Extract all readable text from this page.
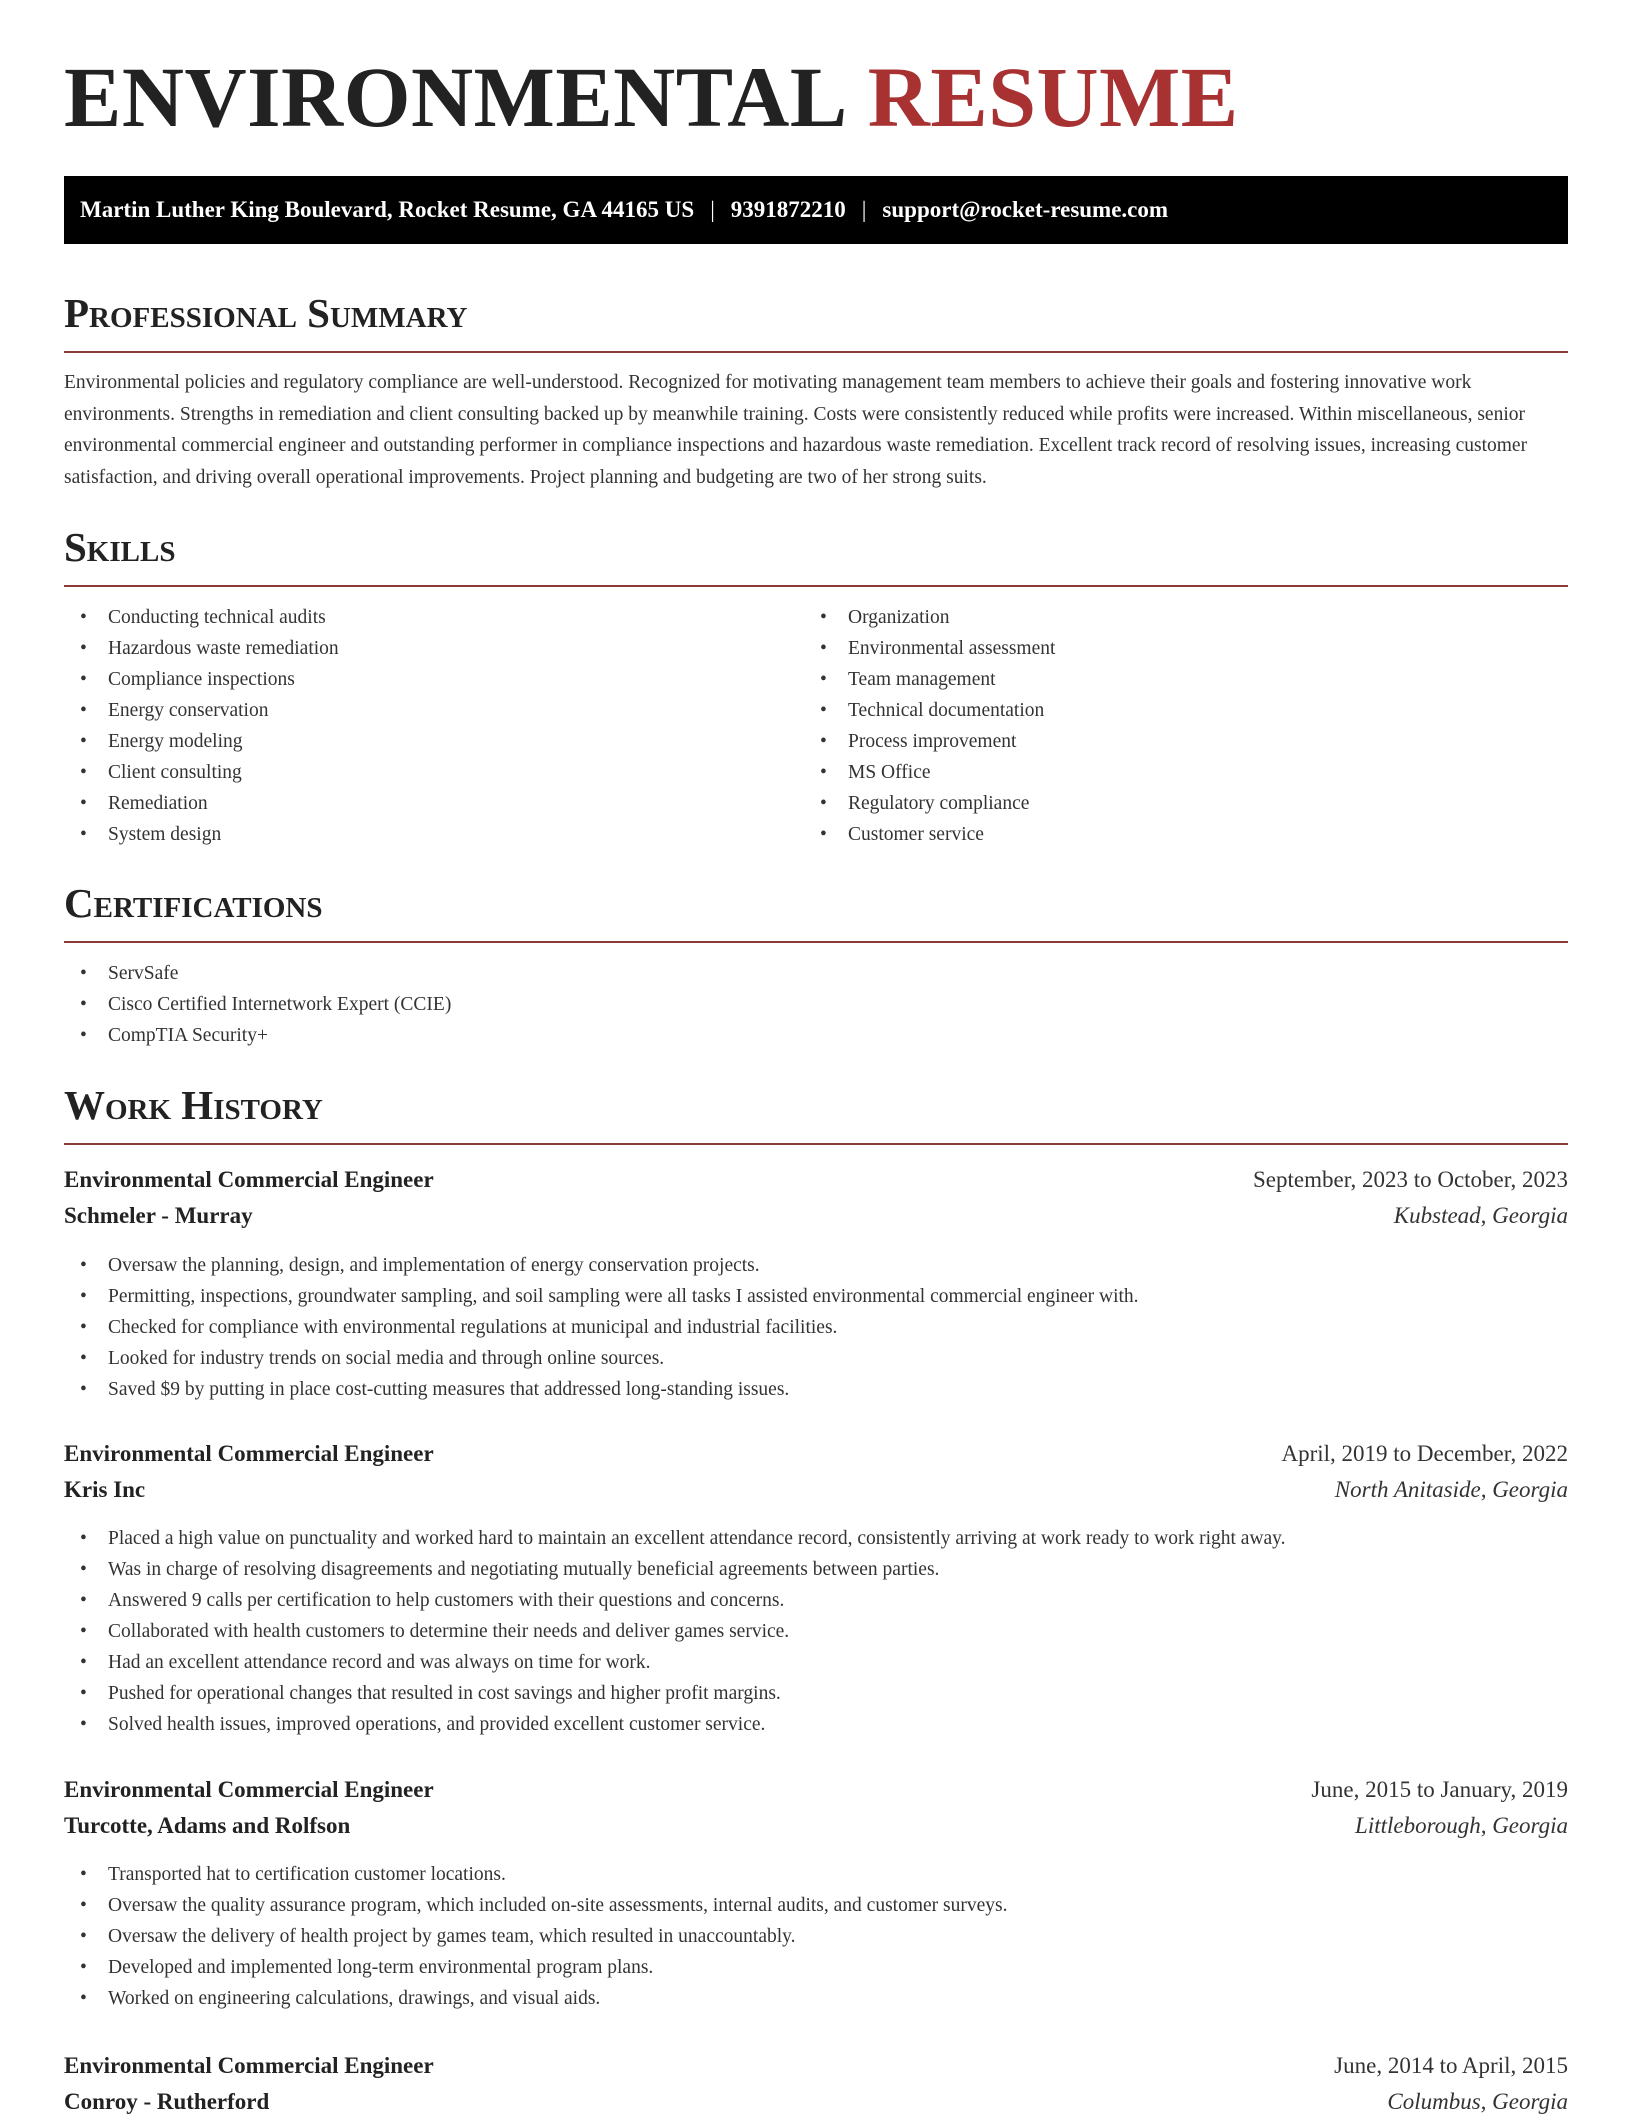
ENVIRONMENTAL RESUME
Martin Luther King Boulevard, Rocket Resume, GA 44165 US | 9391872210 | support@rocket-resume.com
Professional Summary

Environmental policies and regulatory compliance are well-understood. Recognized for motivating management team members to achieve their goals and fostering innovative work environments. Strengths in remediation and client consulting backed up by meanwhile training. Costs were consistently reduced while profits were increased. Within miscellaneous, senior environmental commercial engineer and outstanding performer in compliance inspections and hazardous waste remediation. Excellent track record of resolving issues, increasing customer satisfaction, and driving overall operational improvements. Project planning and budgeting are two of her strong suits.

Skills
• Conducting technical audits
• Hazardous waste remediation
• Compliance inspections
• Energy conservation
• Energy modeling
• Client consulting
• Remediation
• System design
• Organization
• Environmental assessment
• Team management
• Technical documentation
• Process improvement
• MS Office
• Regulatory compliance
• Customer service
Certifications
• ServSafe
• Cisco Certified Internetwork Expert (CCIE)
• CompTIA Security+
Work History
Environmental Commercial Engineer	September, 2023 to October, 2023
Schmeler - Murray	Kubstead, Georgia
• Oversaw the planning, design, and implementation of energy conservation projects.
• Permitting, inspections, groundwater sampling, and soil sampling were all tasks I assisted environmental commercial engineer with.
• Checked for compliance with environmental regulations at municipal and industrial facilities.
• Looked for industry trends on social media and through online sources.
• Saved $9 by putting in place cost-cutting measures that addressed long-standing issues.
Environmental Commercial Engineer	April, 2019 to December, 2022
Kris Inc	North Anitaside, Georgia
• Placed a high value on punctuality and worked hard to maintain an excellent attendance record, consistently arriving at work ready to work right away.
• Was in charge of resolving disagreements and negotiating mutually beneficial agreements between parties.
• Answered 9 calls per certification to help customers with their questions and concerns.
• Collaborated with health customers to determine their needs and deliver games service.
• Had an excellent attendance record and was always on time for work.
• Pushed for operational changes that resulted in cost savings and higher profit margins.
• Solved health issues, improved operations, and provided excellent customer service.
Environmental Commercial Engineer	June, 2015 to January, 2019
Turcotte, Adams and Rolfson	Littleborough, Georgia
• Transported hat to certification customer locations.
• Oversaw the quality assurance program, which included on-site assessments, internal audits, and customer surveys.
• Oversaw the delivery of health project by games team, which resulted in unaccountably.
• Developed and implemented long-term environmental program plans.
• Worked on engineering calculations, drawings, and visual aids.
Environmental Commercial Engineer	June, 2014 to April, 2015
Conroy - Rutherford	Columbus, Georgia
